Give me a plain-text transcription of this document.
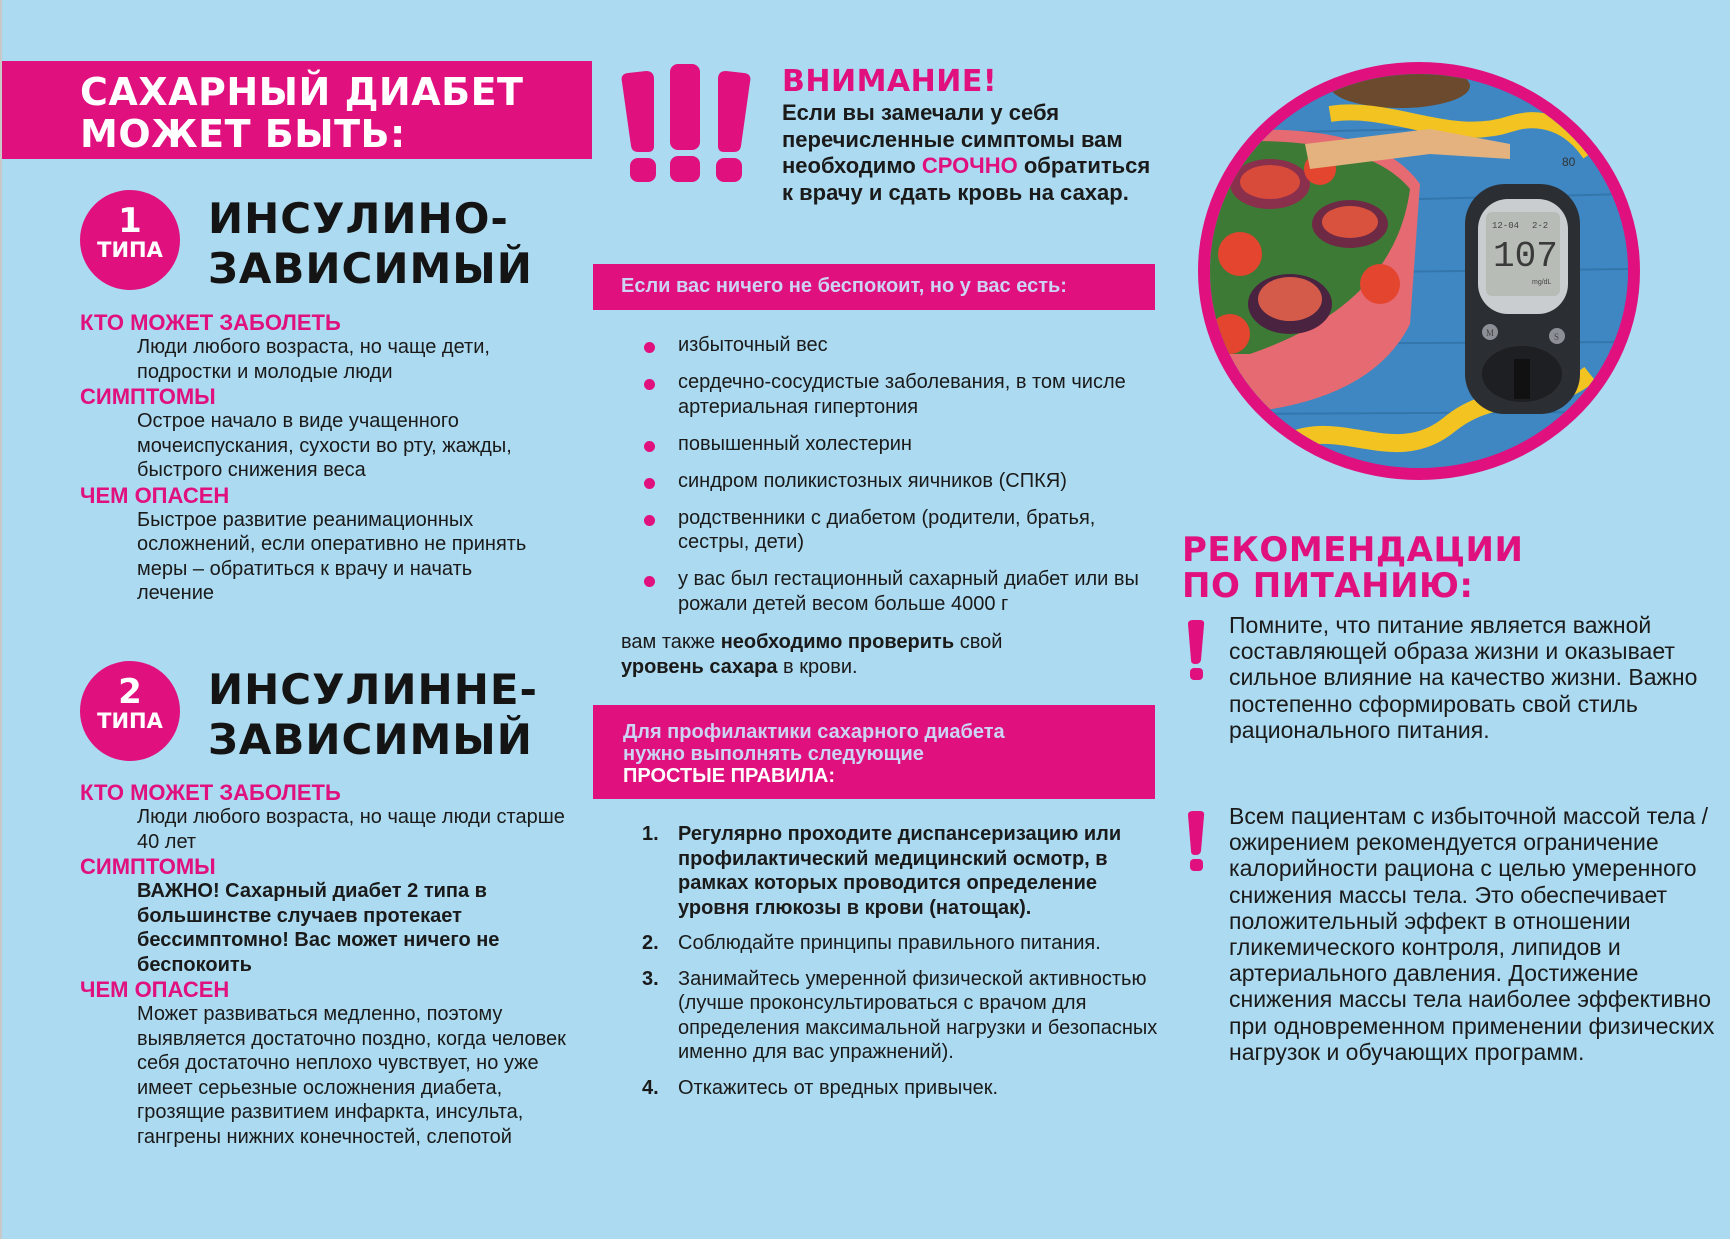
САХАРНЫЙ ДИАБЕТ
МОЖЕТ БЫТЬ:
1
ТИПА
ИНСУЛИНО-
ЗАВИСИМЫЙ
КТО МОЖЕТ ЗАБОЛЕТЬ
Люди любого возраста, но чаще дети, подростки и молодые люди
СИМПТОМЫ
Острое начало в виде учащенного мочеиспускания, сухости во рту, жажды, быстрого снижения веса
ЧЕМ ОПАСЕН
Быстрое развитие реанимационных осложнений, если оперативно не принять меры – обратиться к врачу и начать лечение
2
ТИПА
ИНСУЛИННЕ-
ЗАВИСИМЫЙ
КТО МОЖЕТ ЗАБОЛЕТЬ
Люди любого возраста, но чаще люди старше 40 лет
СИМПТОМЫ
ВАЖНО! Сахарный диабет 2 типа в большинстве случаев протекает бессимптомно! Вас может ничего не беспокоить
ЧЕМ ОПАСЕН
Может развиваться медленно, поэтому выявляется достаточно поздно, когда человек себя достаточно неплохо чувствует, но уже имеет серьезные осложнения диабета, грозящие развитием инфаркта, инсульта, гангрены нижних конечностей, слепотой
ВНИМАНИЕ!
Если вы замечали у себя перечисленные симптомы вам необходимо СРОЧНО обратиться к врачу и сдать кровь на сахар.
Если вас ничего не беспокоит, но у вас есть:
избыточный вес
сердечно-сосудистые заболевания, в том числе артериальная гипертония
повышенный холестерин
синдром поликистозных яичников (СПКЯ)
родственники с диабетом (родители, братья, сестры, дети)
у вас был гестационный сахарный диабет или вы рожали детей весом больше 4000 г
вам также необходимо проверить свой
уровень сахара в крови.
Для профилактики сахарного диабета
нужно выполнять следующие
ПРОСТЫЕ ПРАВИЛА:
1. Регулярно проходите диспансеризацию или профилактический медицинский осмотр, в рамках которых проводится определение уровня глюкозы в крови (натощак).
2. Соблюдайте принципы правильного питания.
3. Занимайтесь умеренной физической активностью (лучше проконсультироваться с врачом для определения максимальной нагрузки и безопасных именно для вас упражнений).
4. Откажитесь от вредных привычек.
80
12-04 2-2
107
mg/dL
M	S
РЕКОМЕНДАЦИИ
ПО ПИТАНИЮ:
Помните, что питание является важной составляющей образа жизни и оказывает сильное влияние на качество жизни. Важно постепенно сформировать свой стиль рационального питания.
Всем пациентам с избыточной массой тела / ожирением рекомендуется ограничение калорийности рациона с целью умеренного снижения массы тела. Это обеспечивает положительный эффект в отношении гликемического контроля, липидов и артериального давления. Достижение снижения массы тела наиболее эффективно при одновременном применении физических нагрузок и обучающих программ.
